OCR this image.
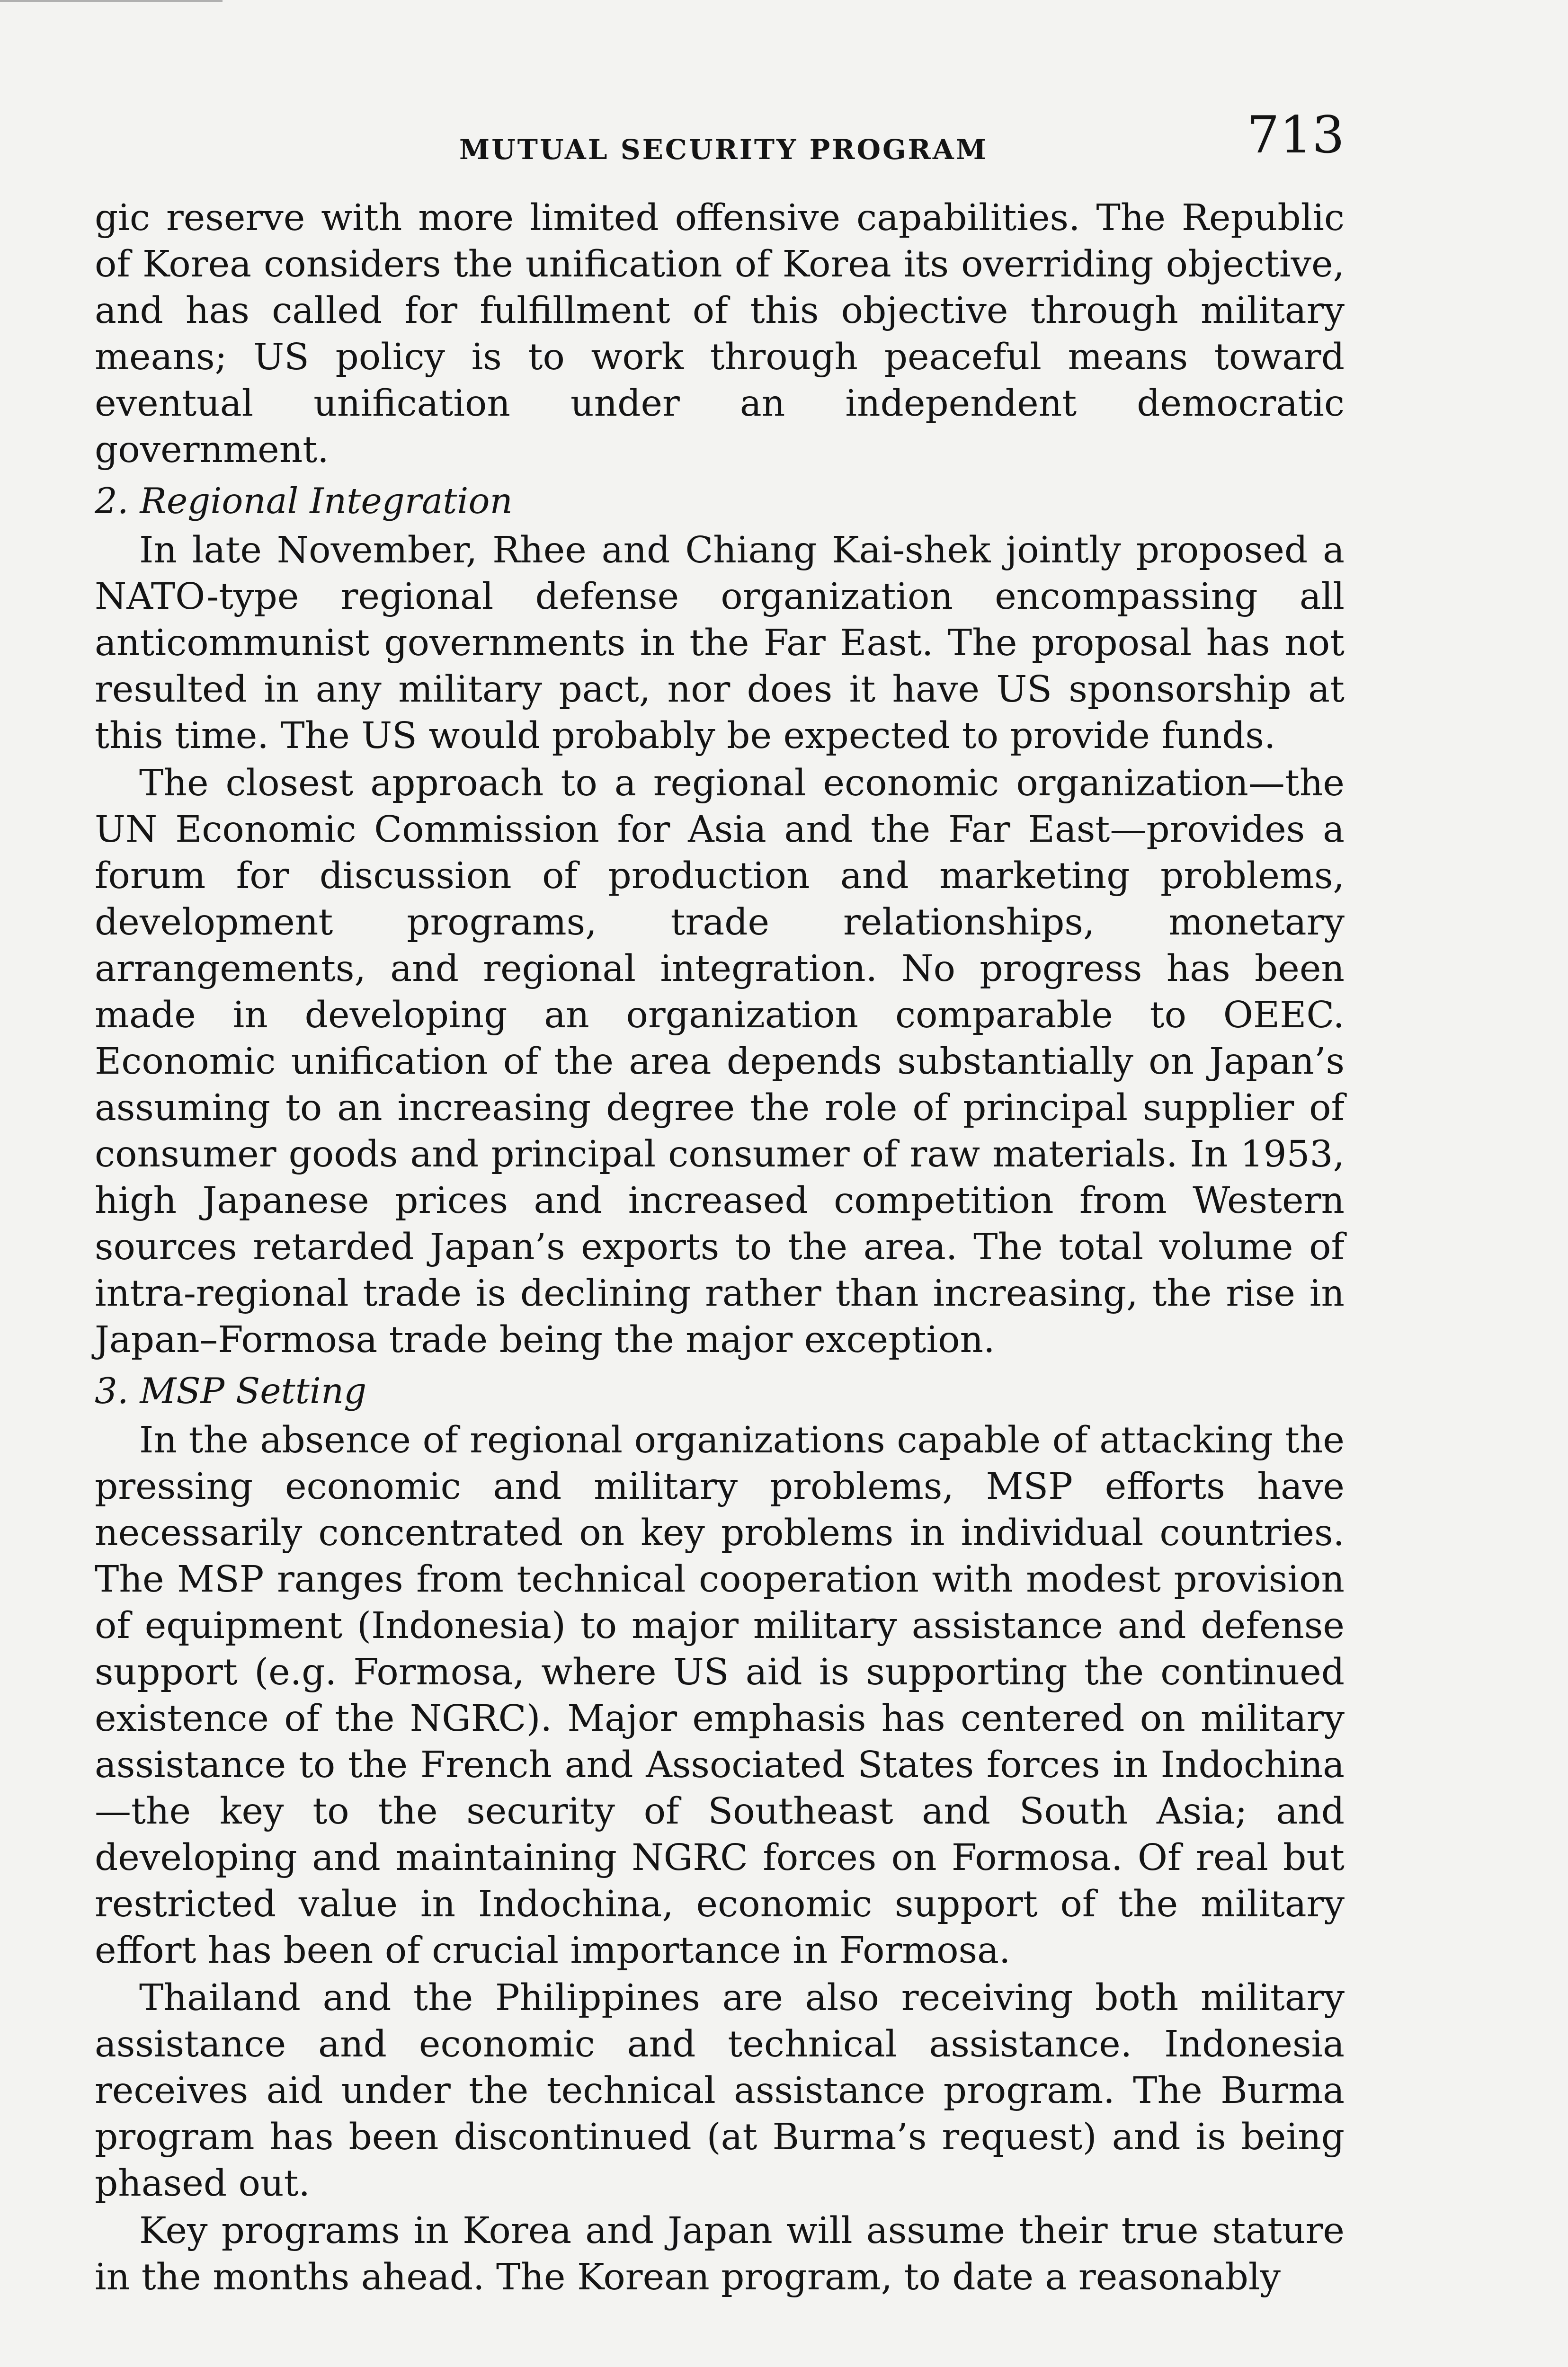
MUTUAL SECURITY PROGRAM	713

gic reserve with more limited offensive capabilities. The Republic of Korea considers the unification of Korea its overriding objective, and has called for fulfillment of this objective through military means; US policy is to work through peaceful means toward eventual unification under an independent democratic government.

2. Regional Integration

In late November, Rhee and Chiang Kai-shek jointly proposed a NATO-type regional defense organization encompassing all anticommunist governments in the Far East. The proposal has not resulted in any military pact, nor does it have US sponsorship at this time. The US would probably be expected to provide funds.

The closest approach to a regional economic organization—the UN Economic Commission for Asia and the Far East—provides a forum for discussion of production and marketing problems, development programs, trade relationships, monetary arrangements, and regional integration. No progress has been made in developing an organization comparable to OEEC. Economic unification of the area depends substantially on Japan’s assuming to an increasing degree the role of principal supplier of consumer goods and principal consumer of raw materials. In 1953, high Japanese prices and increased competition from Western sources retarded Japan’s exports to the area. The total volume of intra-regional trade is declining rather than increasing, the rise in Japan–Formosa trade being the major exception.

3. MSP Setting

In the absence of regional organizations capable of attacking the pressing economic and military problems, MSP efforts have necessarily concentrated on key problems in individual countries. The MSP ranges from technical cooperation with modest provision of equipment (Indonesia) to major military assistance and defense support (e.g. Formosa, where US aid is supporting the continued existence of the NGRC). Major emphasis has centered on military assistance to the French and Associated States forces in Indochina—the key to the security of Southeast and South Asia; and developing and maintaining NGRC forces on Formosa. Of real but restricted value in Indochina, economic support of the military effort has been of crucial importance in Formosa.

Thailand and the Philippines are also receiving both military assistance and economic and technical assistance. Indonesia receives aid under the technical assistance program. The Burma program has been discontinued (at Burma’s request) and is being phased out.

Key programs in Korea and Japan will assume their true stature in the months ahead. The Korean program, to date a reasonably
